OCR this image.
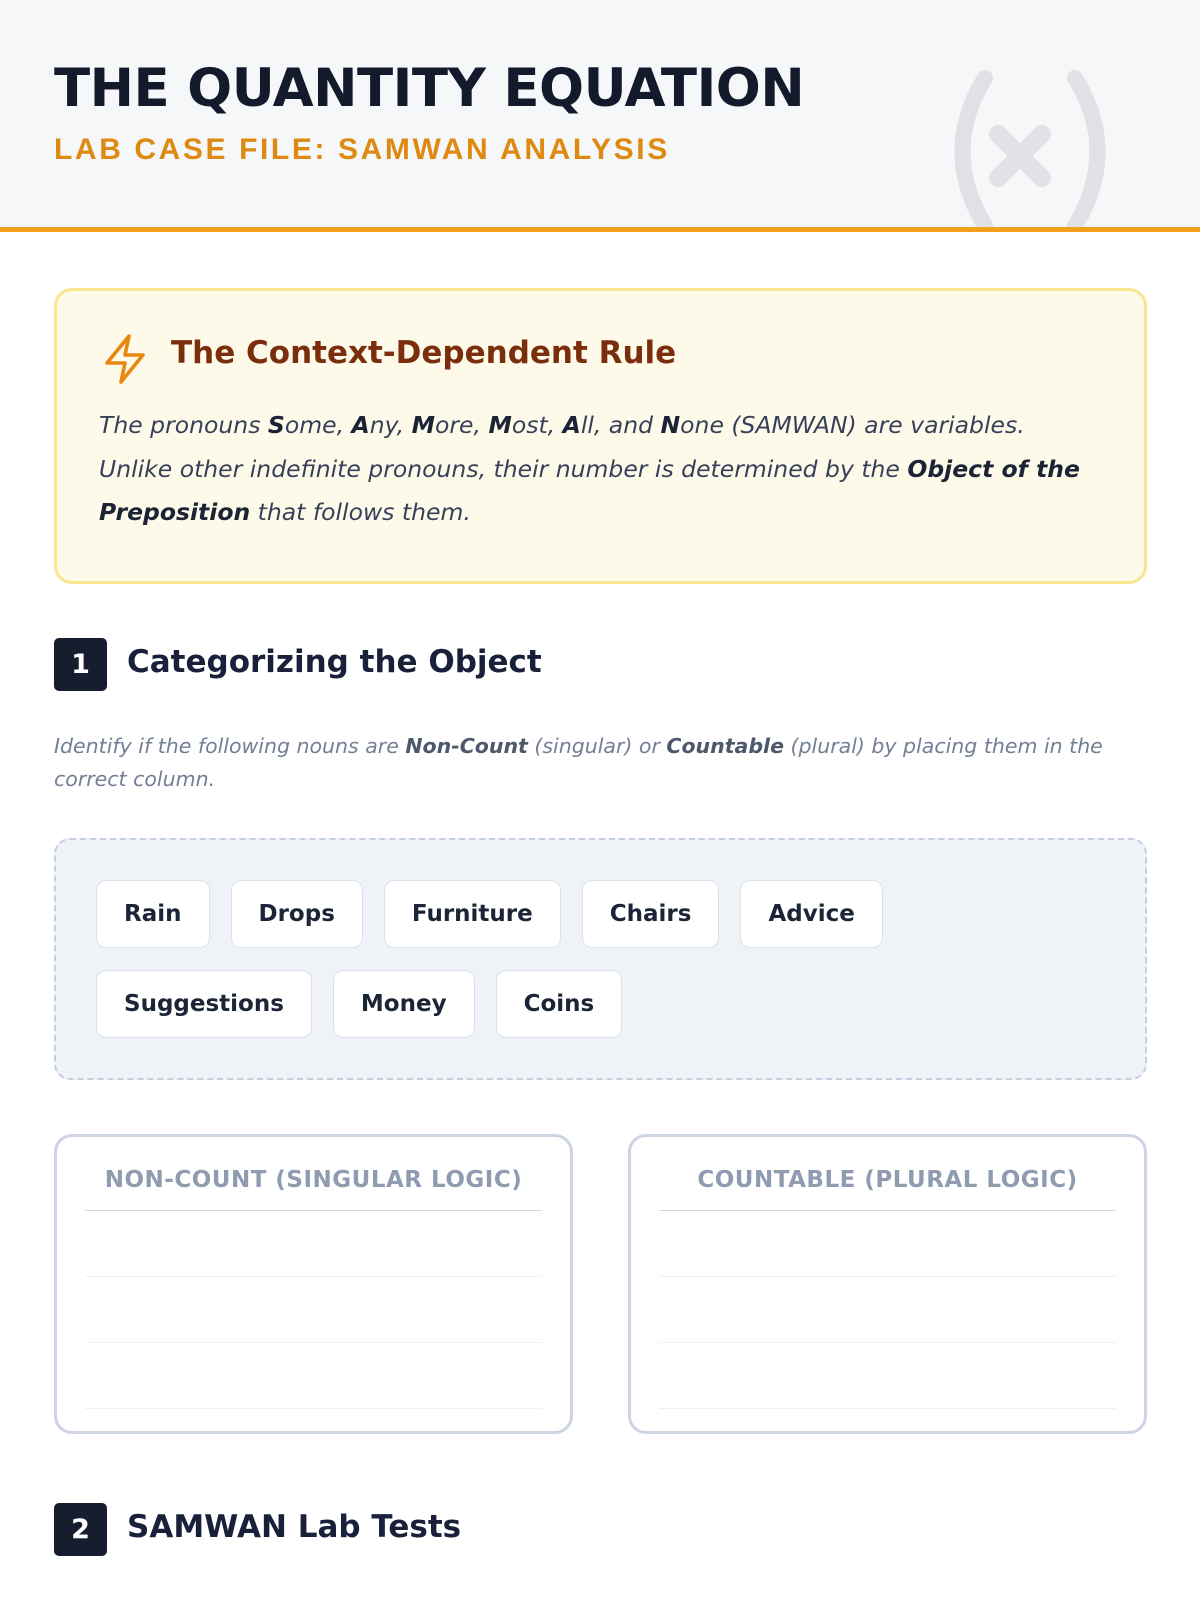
THE QUANTITY EQUATION
LAB CASE FILE: SAMWAN ANALYSIS
The Context-Dependent Rule
The pronouns Some, Any, More, Most, All, and None (SAMWAN) are variables. Unlike other indefinite pronouns, their number is determined by the Object of the Preposition that follows them.
1	Categorizing the Object
Identify if the following nouns are Non-Count (singular) or Countable (plural) by placing them in the correct column.
Rain	Drops	Furniture	Chairs	Advice
Suggestions	Money	Coins
NON-COUNT (SINGULAR LOGIC)	COUNTABLE (PLURAL LOGIC)
2	SAMWAN Lab Tests
